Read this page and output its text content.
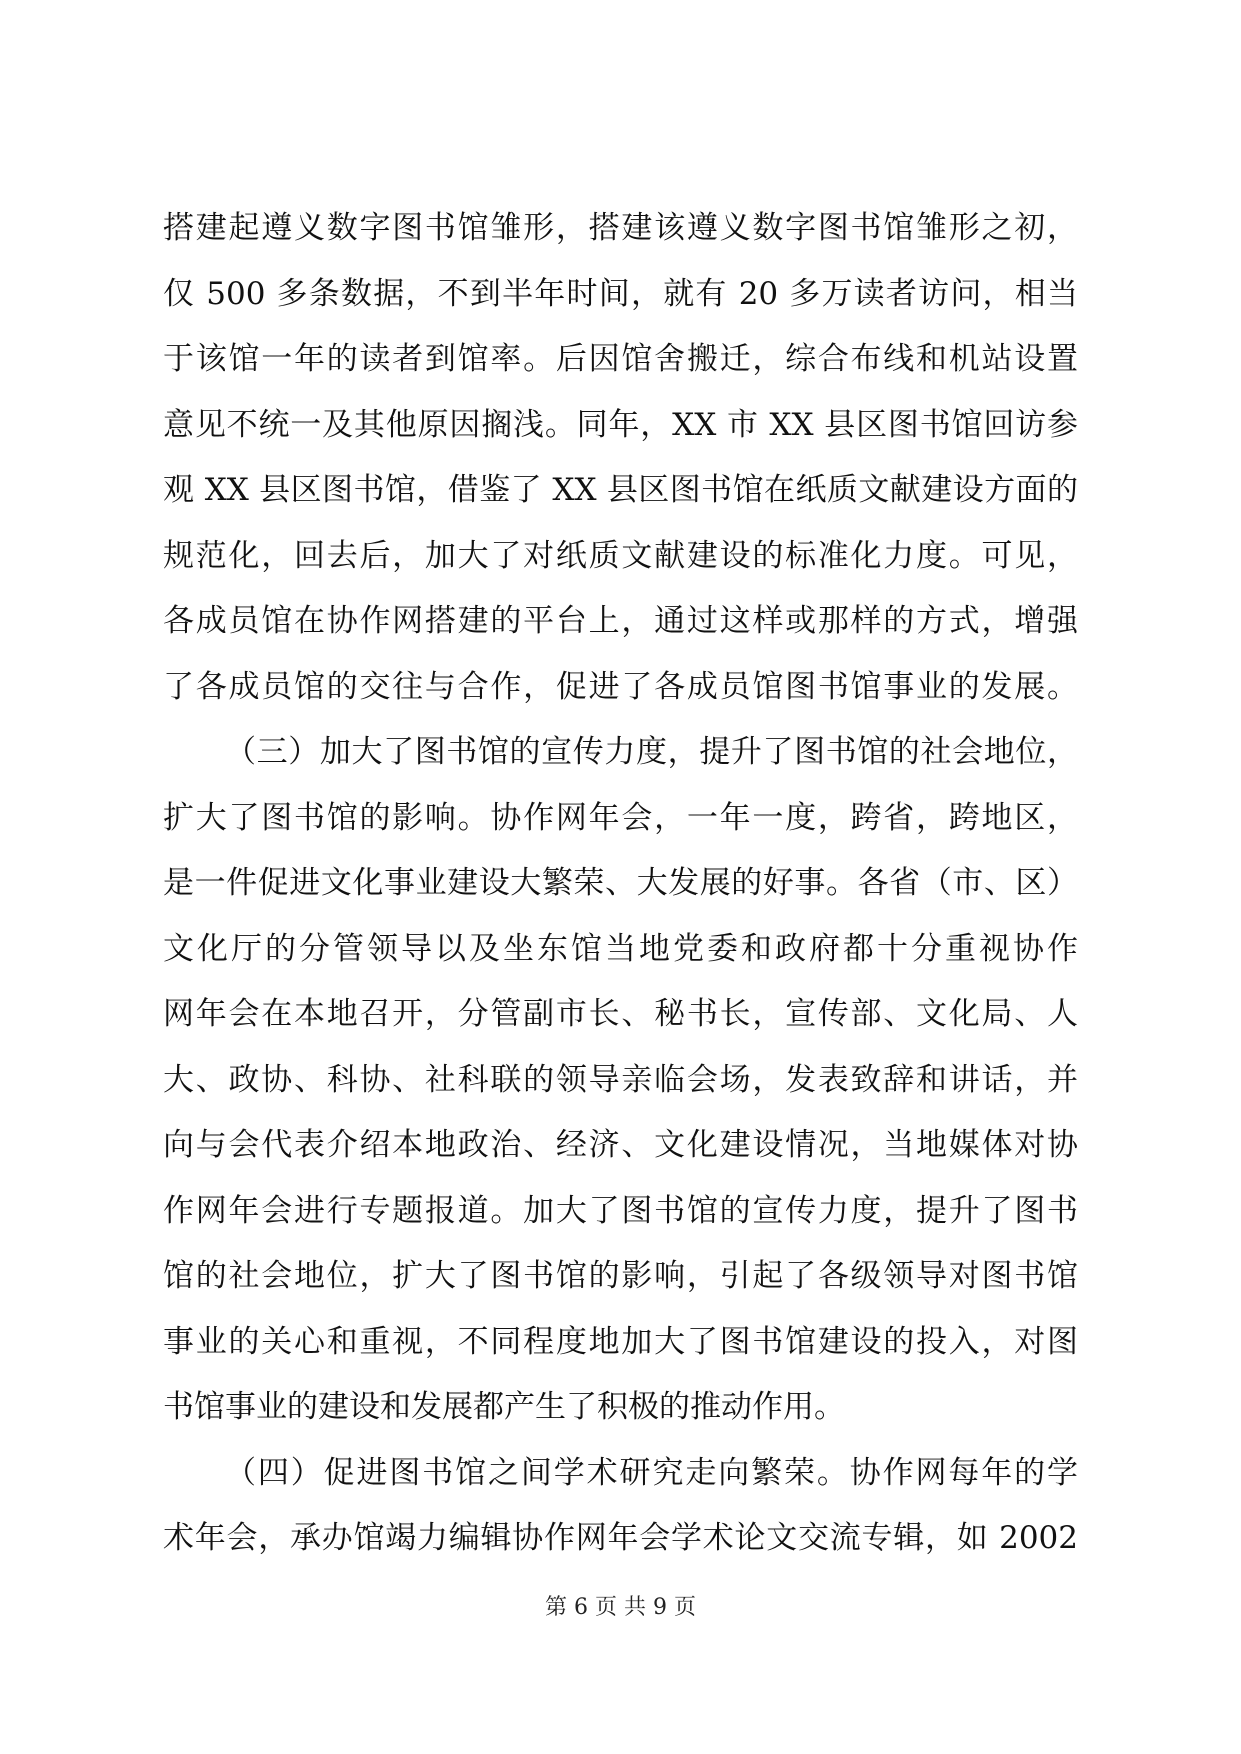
搭建起遵义数字图书馆雏形，搭建该遵义数字图书馆雏形之初，
仅 500 多条数据，不到半年时间，就有 20 多万读者访问，相当
于该馆一年的读者到馆率。后因馆舍搬迁，综合布线和机站设置
意见不统一及其他原因搁浅。同年，XX 市 XX 县区图书馆回访参
观 XX 县区图书馆，借鉴了 XX 县区图书馆在纸质文献建设方面的
规范化，回去后，加大了对纸质文献建设的标准化力度。可见，
各成员馆在协作网搭建的平台上，通过这样或那样的方式，增强
了各成员馆的交往与合作，促进了各成员馆图书馆事业的发展。
（三）加大了图书馆的宣传力度，提升了图书馆的社会地位，
扩大了图书馆的影响。协作网年会，一年一度，跨省，跨地区，
是一件促进文化事业建设大繁荣、大发展的好事。各省（市、区）
文化厅的分管领导以及坐东馆当地党委和政府都十分重视协作
网年会在本地召开，分管副市长、秘书长，宣传部、文化局、人
大、政协、科协、社科联的领导亲临会场，发表致辞和讲话，并
向与会代表介绍本地政治、经济、文化建设情况，当地媒体对协
作网年会进行专题报道。加大了图书馆的宣传力度，提升了图书
馆的社会地位，扩大了图书馆的影响，引起了各级领导对图书馆
事业的关心和重视，不同程度地加大了图书馆建设的投入，对图
书馆事业的建设和发展都产生了积极的推动作用。
（四）促进图书馆之间学术研究走向繁荣。协作网每年的学
术年会，承办馆竭力编辑协作网年会学术论文交流专辑，如 2002
第 6 页 共 9 页
